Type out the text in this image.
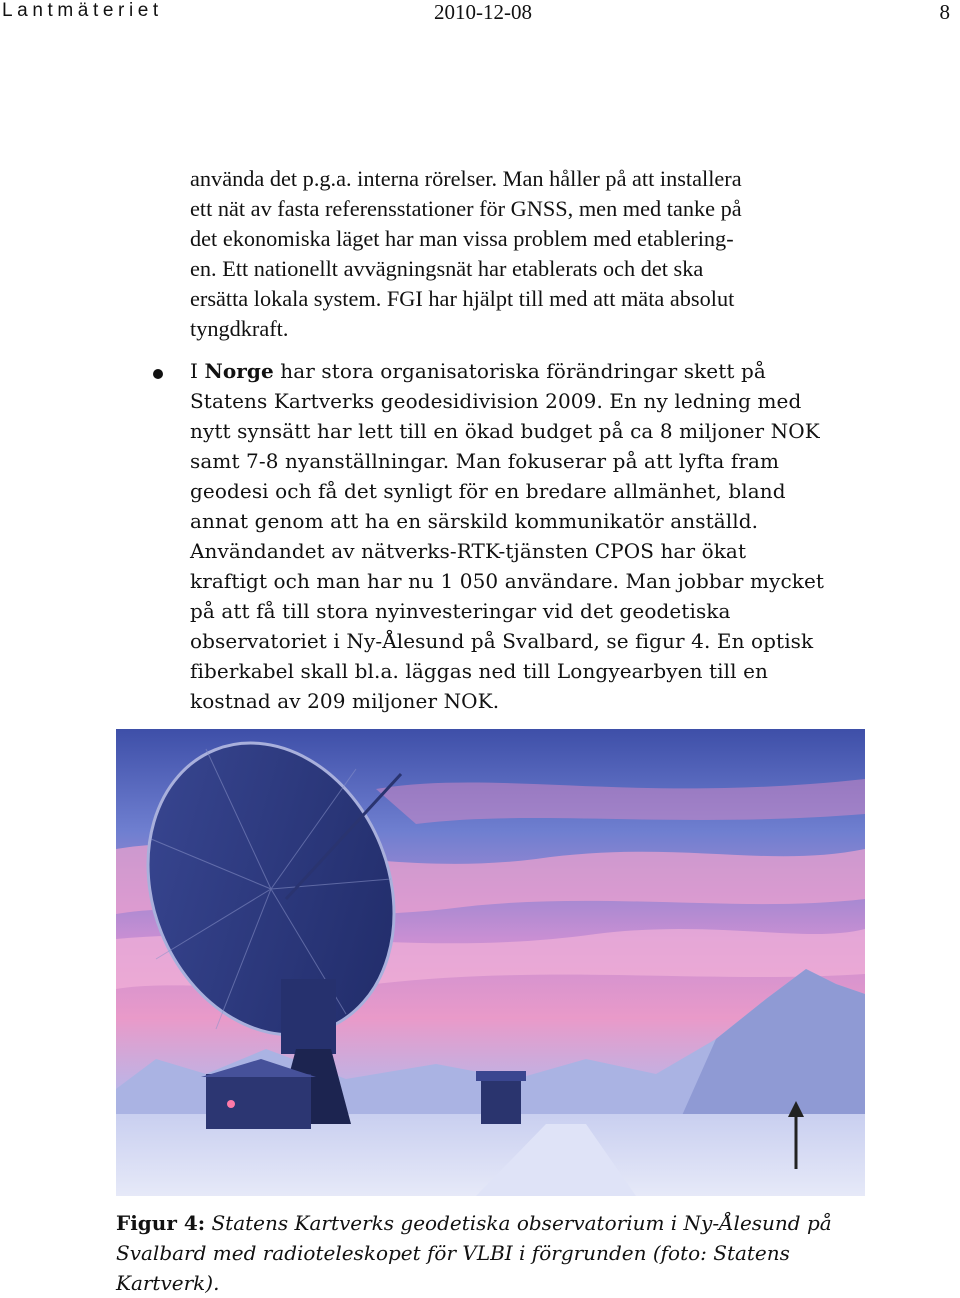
Lantmäteriet	2010-12-08	8
använda det p.g.a. interna rörelser. Man håller på att installera
ett nät av fasta referensstationer för GNSS, men med tanke på
det ekonomiska läget har man vissa problem med etablering-
en. Ett nationellt avvägningsnät har etablerats och det ska
ersätta lokala system. FGI har hjälpt till med att mäta absolut
tyngdkraft.
I Norge har stora organisatoriska förändringar skett på
Statens Kartverks geodesidivision 2009. En ny ledning med
nytt synsätt har lett till en ökad budget på ca 8 miljoner NOK
samt 7-8 nyanställningar. Man fokuserar på att lyfta fram
geodesi och få det synligt för en bredare allmänhet, bland
annat genom att ha en särskild kommunikatör anställd.
Användandet av nätverks-RTK-tjänsten CPOS har ökat
kraftigt och man har nu 1 050 användare. Man jobbar mycket
på att få till stora nyinvesteringar vid det geodetiska
observatoriet i Ny-Ålesund på Svalbard, se figur 4. En optisk
fiberkabel skall bl.a. läggas ned till Longyearbyen till en
kostnad av 209 miljoner NOK.
Figur 4: Statens Kartverks geodetiska observatorium i Ny-Ålesund på
Svalbard med radioteleskopet för VLBI i förgrunden (foto: Statens
Kartverk).
